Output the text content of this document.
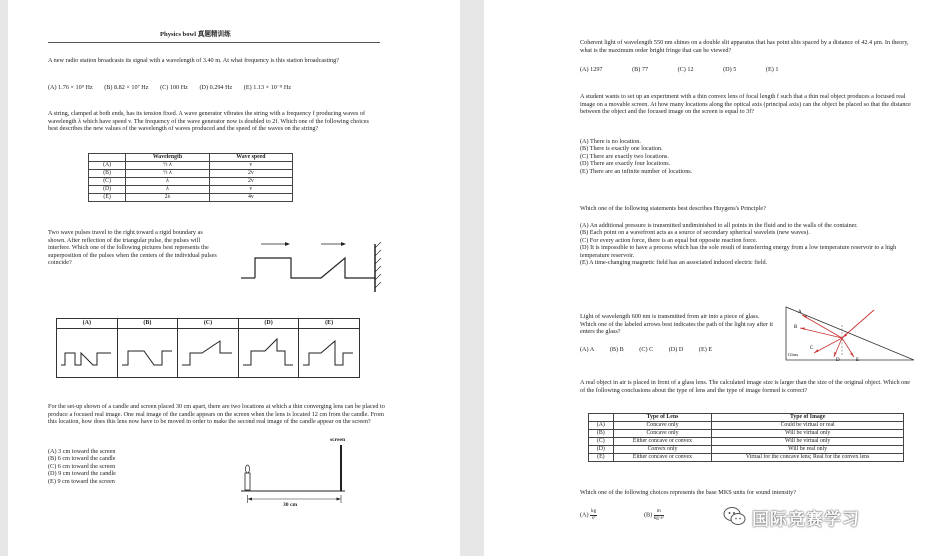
Physics bowl 真题精训练
A new radio station broadcasts its signal with a wavelength of 3.40 m. At what frequency is this station broadcasting?
(A) 1.76 × 10⁹ Hz (B) 8.82 × 10⁷ Hz (C) 100 Hz (D) 0.294 Hz (E) 1.13 × 10⁻⁸ Hz
A string, clamped at both ends, has its tension fixed. A wave generator vibrates the string with a frequency f producing waves of wavelength λ which have speed v. The frequency of the wave generator now is doubled to 2f. Which one of the following choices best describes the new values of the wavelength of waves produced and the speed of the waves on the string?
	Wavelength	Wave speed
(A)	½ λ	v
(B)	½ λ	2v
(C)	λ	2v
(D)	λ	v
(E)	2λ	4v
Two wave pulses travel to the right toward a rigid boundary as shown. After reflection of the triangular pulse, the pulses will interfere. Which one of the following pictures best represents the superposition of the pulses when the centers of the individual pulses coincide?
(A)	(B)	(C)	(D)	(E)
For the set-up shown of a candle and screen placed 30 cm apart, there are two locations at which a thin converging lens can be placed to produce a focused real image. One real image of the candle appears on the screen when the lens is located 12 cm from the candle. From this location, how does this lens now have to be moved in order to make the second real image of the candle appear on the screen?
(A) 3 cm toward the screen
(B) 6 cm toward the candle
(C) 6 cm toward the screen
(D) 9 cm toward the candle
(E) 9 cm toward the screen
screen
30 cm
Coherent light of wavelength 550 nm shines on a double slit apparatus that has point slits spaced by a distance of 42.4 μm. In theory, what is the maximum order bright fringe that can be viewed?
(A) 1297	(B) 77	(C) 12	(D) 5	(E) 1
A student wants to set up an experiment with a thin convex lens of focal length f such that a thin real object produces a focused real image on a movable screen. At how many locations along the optical axis (principal axis) can the object be placed so that the distance between the object and the focused image on the screen is equal to 3f?
(A) There is no location.
(B) There is exactly one location.
(C) There are exactly two locations.
(D) There are exactly four locations.
(E) There are an infinite number of locations.
Which one of the following statements best describes Huygens's Principle?
(A) An additional pressure is transmitted undiminished to all points in the fluid and to the walls of the container.
(B) Each point on a wavefront acts as a source of secondary spherical wavelets (new waves).
(C) For every action force, there is an equal but opposite reaction force.
(D) It is impossible to have a process which has the sole result of transferring energy from a low temperature reservoir to a high temperature reservoir.
(E) A time-changing magnetic field has an associated induced electric field.
Light of wavelength 600 nm is transmitted from air into a piece of glass. Which one of the labeled arrows best indicates the path of the light ray after it enters the glass?
(A) A	(B) B	(C) C	(D) D	(E) E
A
B
C
D	E
Glass
A real object in air is placed in front of a glass lens. The calculated image size is larger than the size of the original object. Which one of the following conclusions about the type of lens and the type of image formed is correct?
	Type of Lens	Type of Image
(A)	Concave only	Could be virtual or real
(B)	Concave only	Will be virtual only
(C)	Either concave or convex	Will be virtual only
(D)	Convex only	Will be real only
(E)	Either concave or convex	Virtual for the concave lens; Real for the convex lens
Which one of the following choices represents the base MKS units for sound intensity?
$(A) \frac{kg}{\text{s³}}$	$(B) \frac{m}{\text{kg·s²}}$	国际竞赛学习
